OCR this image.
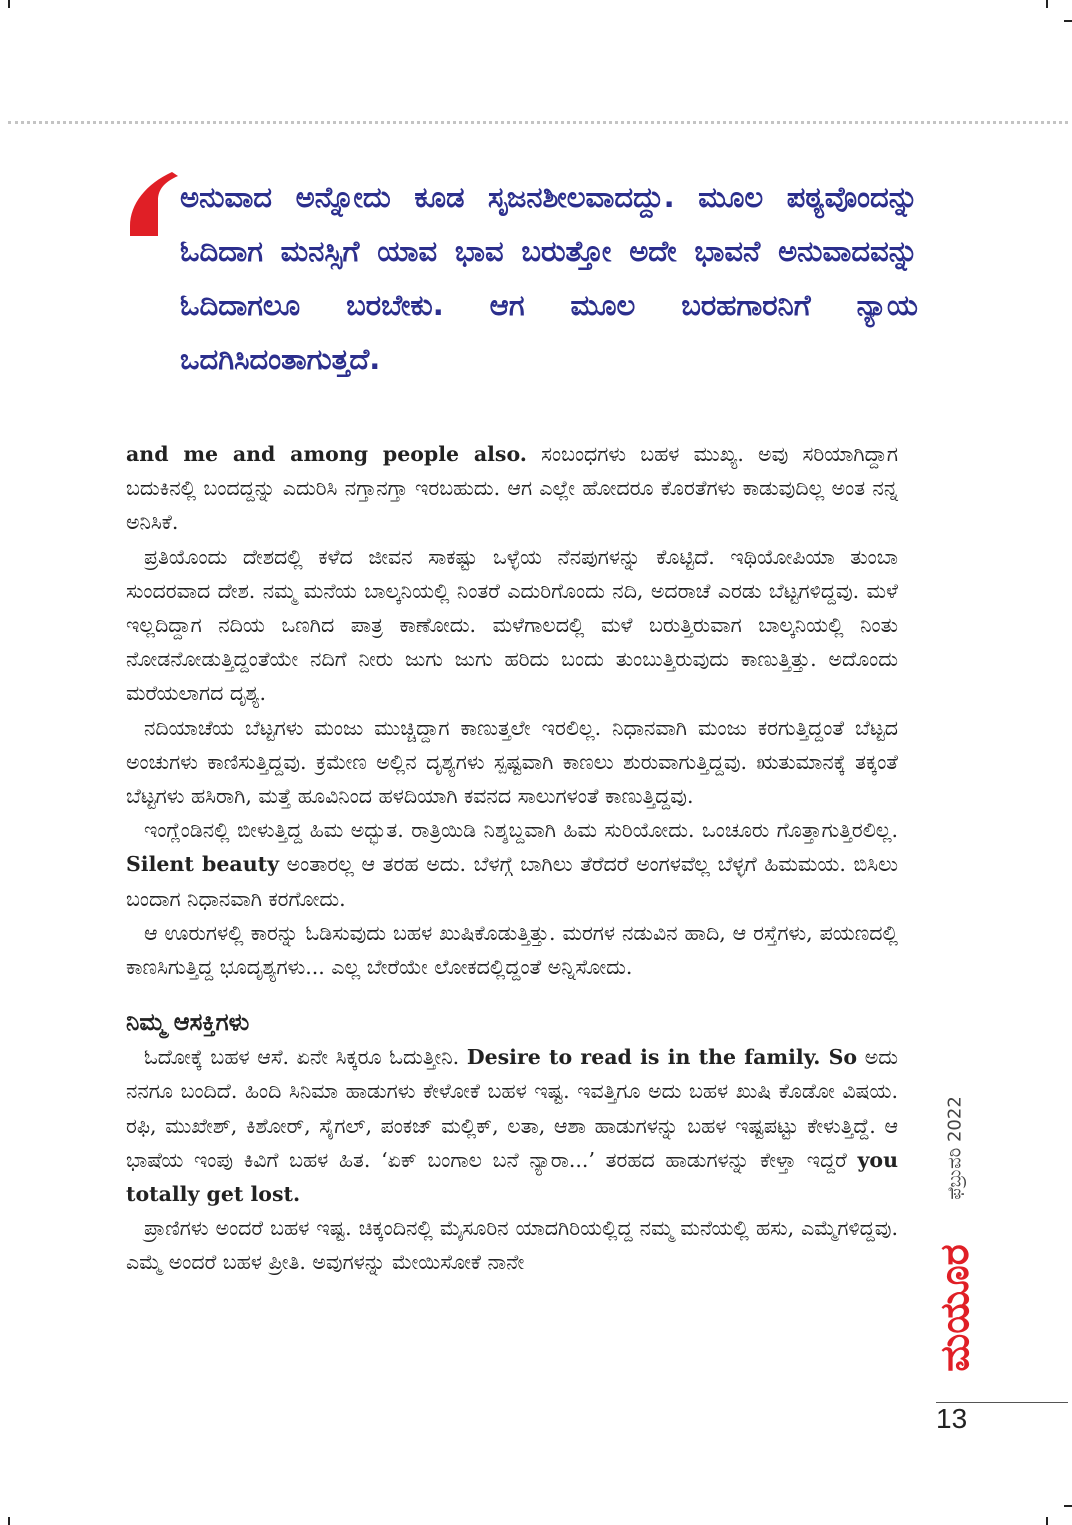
ಅನುವಾದ ಅನ್ನೋದು ಕೂಡ ಸೃಜನಶೀಲವಾದದ್ದು. ಮೂಲ ಪಠ್ಯವೊಂದನ್ನು ಓದಿದಾಗ ಮನಸ್ಸಿಗೆ ಯಾವ ಭಾವ ಬರುತ್ತೋ ಅದೇ ಭಾವನೆ ಅನುವಾದವನ್ನು ಓದಿದಾಗಲೂ ಬರಬೇಕು. ಆಗ ಮೂಲ ಬರಹಗಾರನಿಗೆ ನ್ಯಾಯ ಒದಗಿಸಿದಂತಾಗುತ್ತದೆ.

and me and among people also. ಸಂಬಂಧಗಳು ಬಹಳ ಮುಖ್ಯ. ಅವು ಸರಿಯಾಗಿದ್ದಾಗ ಬದುಕಿನಲ್ಲಿ ಬಂದದ್ದನ್ನು ಎದುರಿಸಿ ನಗ್ತಾನಗ್ತಾ ಇರಬಹುದು. ಆಗ ಎಲ್ಲೇ ಹೋದರೂ ಕೊರತೆಗಳು ಕಾಡುವುದಿಲ್ಲ ಅಂತ ನನ್ನ ಅನಿಸಿಕೆ.

ಪ್ರತಿಯೊಂದು ದೇಶದಲ್ಲಿ ಕಳೆದ ಜೀವನ ಸಾಕಷ್ಟು ಒಳ್ಳೆಯ ನೆನಪುಗಳನ್ನು ಕೊಟ್ಟಿದೆ. ಇಥಿಯೋಪಿಯಾ ತುಂಬಾ ಸುಂದರವಾದ ದೇಶ. ನಮ್ಮ ಮನೆಯ ಬಾಲ್ಕನಿಯಲ್ಲಿ ನಿಂತರೆ ಎದುರಿಗೊಂದು ನದಿ, ಅದರಾಚೆ ಎರಡು ಬೆಟ್ಟಗಳಿದ್ದವು. ಮಳೆ ಇಲ್ಲದಿದ್ದಾಗ ನದಿಯ ಒಣಗಿದ ಪಾತ್ರ ಕಾಣೋದು. ಮಳೆಗಾಲದಲ್ಲಿ ಮಳೆ ಬರುತ್ತಿರುವಾಗ ಬಾಲ್ಕನಿಯಲ್ಲಿ ನಿಂತು ನೋಡನೋಡುತ್ತಿದ್ದಂತೆಯೇ ನದಿಗೆ ನೀರು ಜುಗು ಜುಗು ಹರಿದು ಬಂದು ತುಂಬುತ್ತಿರುವುದು ಕಾಣುತ್ತಿತ್ತು. ಅದೊಂದು ಮರೆಯಲಾಗದ ದೃಶ್ಯ.

ನದಿಯಾಚೆಯ ಬೆಟ್ಟಗಳು ಮಂಜು ಮುಚ್ಚಿದ್ದಾಗ ಕಾಣುತ್ತಲೇ ಇರಲಿಲ್ಲ. ನಿಧಾನವಾಗಿ ಮಂಜು ಕರಗುತ್ತಿದ್ದಂತೆ ಬೆಟ್ಟದ ಅಂಚುಗಳು ಕಾಣಿಸುತ್ತಿದ್ದವು. ಕ್ರಮೇಣ ಅಲ್ಲಿನ ದೃಶ್ಯಗಳು ಸ್ಪಷ್ಟವಾಗಿ ಕಾಣಲು ಶುರುವಾಗುತ್ತಿದ್ದವು. ಋತುಮಾನಕ್ಕೆ ತಕ್ಕಂತೆ ಬೆಟ್ಟಗಳು ಹಸಿರಾಗಿ, ಮತ್ತೆ ಹೂವಿನಿಂದ ಹಳದಿಯಾಗಿ ಕವನದ ಸಾಲುಗಳಂತೆ ಕಾಣುತ್ತಿದ್ದವು.

ಇಂಗ್ಲೆಂಡಿನಲ್ಲಿ ಬೀಳುತ್ತಿದ್ದ ಹಿಮ ಅದ್ಭುತ. ರಾತ್ರಿಯಿಡಿ ನಿಶ್ಶಬ್ದವಾಗಿ ಹಿಮ ಸುರಿಯೋದು. ಒಂಚೂರು ಗೊತ್ತಾಗುತ್ತಿರಲಿಲ್ಲ. Silent beauty ಅಂತಾರಲ್ಲ ಆ ತರಹ ಅದು. ಬೆಳಗ್ಗೆ ಬಾಗಿಲು ತೆರೆದರೆ ಅಂಗಳವೆಲ್ಲ ಬೆಳ್ಳಗೆ ಹಿಮಮಯ. ಬಿಸಿಲು ಬಂದಾಗ ನಿಧಾನವಾಗಿ ಕರಗೋದು.

ಆ ಊರುಗಳಲ್ಲಿ ಕಾರನ್ನು ಓಡಿಸುವುದು ಬಹಳ ಖುಷಿಕೊಡುತ್ತಿತ್ತು. ಮರಗಳ ನಡುವಿನ ಹಾದಿ, ಆ ರಸ್ತೆಗಳು, ಪಯಣದಲ್ಲಿ ಕಾಣಸಿಗುತ್ತಿದ್ದ ಭೂದೃಶ್ಯಗಳು... ಎಲ್ಲ ಬೇರೆಯೇ ಲೋಕದಲ್ಲಿದ್ದಂತೆ ಅನ್ನಿಸೋದು.

ನಿಮ್ಮ ಆಸಕ್ತಿಗಳು

ಓದೋಕ್ಕೆ ಬಹಳ ಆಸೆ. ಏನೇ ಸಿಕ್ಕರೂ ಓದುತ್ತೀನಿ. Desire to read is in the family. So ಅದು ನನಗೂ ಬಂದಿದೆ. ಹಿಂದಿ ಸಿನಿಮಾ ಹಾಡುಗಳು ಕೇಳೋಕೆ ಬಹಳ ಇಷ್ಟ. ಇವತ್ತಿಗೂ ಅದು ಬಹಳ ಖುಷಿ ಕೊಡೋ ವಿಷಯ. ರಫಿ, ಮುಖೇಶ್, ಕಿಶೋರ್, ಸೈಗಲ್, ಪಂಕಜ್ ಮಲ್ಲಿಕ್, ಲತಾ, ಆಶಾ ಹಾಡುಗಳನ್ನು ಬಹಳ ಇಷ್ಟಪಟ್ಟು ಕೇಳುತ್ತಿದ್ದೆ. ಆ ಭಾಷೆಯ ಇಂಪು ಕಿವಿಗೆ ಬಹಳ ಹಿತ. ‘ಏಕ್ ಬಂಗಾಲ ಬನೆ ನ್ಯಾರಾ...’ ತರಹದ ಹಾಡುಗಳನ್ನು ಕೇಳ್ತಾ ಇದ್ದರೆ you totally get lost.

ಪ್ರಾಣಿಗಳು ಅಂದರೆ ಬಹಳ ಇಷ್ಟ. ಚಿಕ್ಕಂದಿನಲ್ಲಿ ಮೈಸೂರಿನ ಯಾದಗಿರಿಯಲ್ಲಿದ್ದ ನಮ್ಮ ಮನೆಯಲ್ಲಿ ಹಸು, ಎಮ್ಮೆಗಳಿದ್ದವು. ಎಮ್ಮೆ ಅಂದರೆ ಬಹಳ ಪ್ರೀತಿ. ಅವುಗಳನ್ನು ಮೇಯಿಸೋಕೆ ನಾನೇ

ಫೆಬ್ರುವರಿ 2022
ಮಯೂರ
13
